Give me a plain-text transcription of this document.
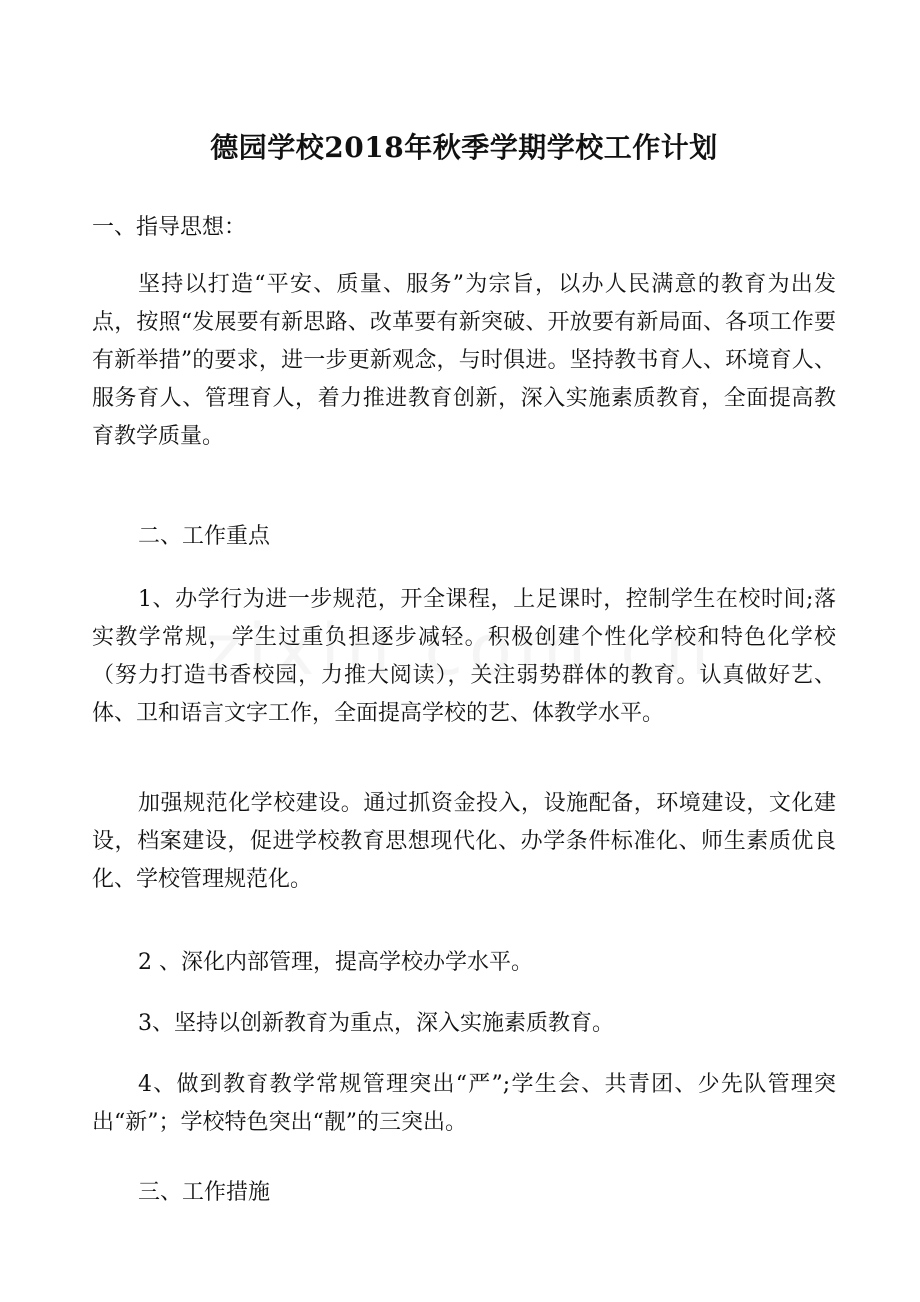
德园学校2018年秋季学期学校工作计划

一、指导思想：

坚持以打造“平安、质量、服务”为宗旨，以办人民满意的教育为出发点，按照“发展要有新思路、改革要有新突破、开放要有新局面、各项工作要有新举措”的要求，进一步更新观念，与时俱进。坚持教书育人、环境育人、服务育人、管理育人，着力推进教育创新，深入实施素质教育，全面提高教育教学质量。

二、工作重点

1、办学行为进一步规范，开全课程，上足课时，控制学生在校时间;落实教学常规，学生过重负担逐步减轻。积极创建个性化学校和特色化学校（努力打造书香校园，力推大阅读），关注弱势群体的教育。认真做好艺、体、卫和语言文字工作，全面提高学校的艺、体教学水平。

加强规范化学校建设。通过抓资金投入，设施配备，环境建设，文化建设，档案建设，促进学校教育思想现代化、办学条件标准化、师生素质优良化、学校管理规范化。

2 、深化内部管理，提高学校办学水平。

3、坚持以创新教育为重点，深入实施素质教育。

4、做到教育教学常规管理突出“严”;学生会、共青团、少先队管理突出“新”；学校特色突出“靓”的三突出。

三、工作措施
